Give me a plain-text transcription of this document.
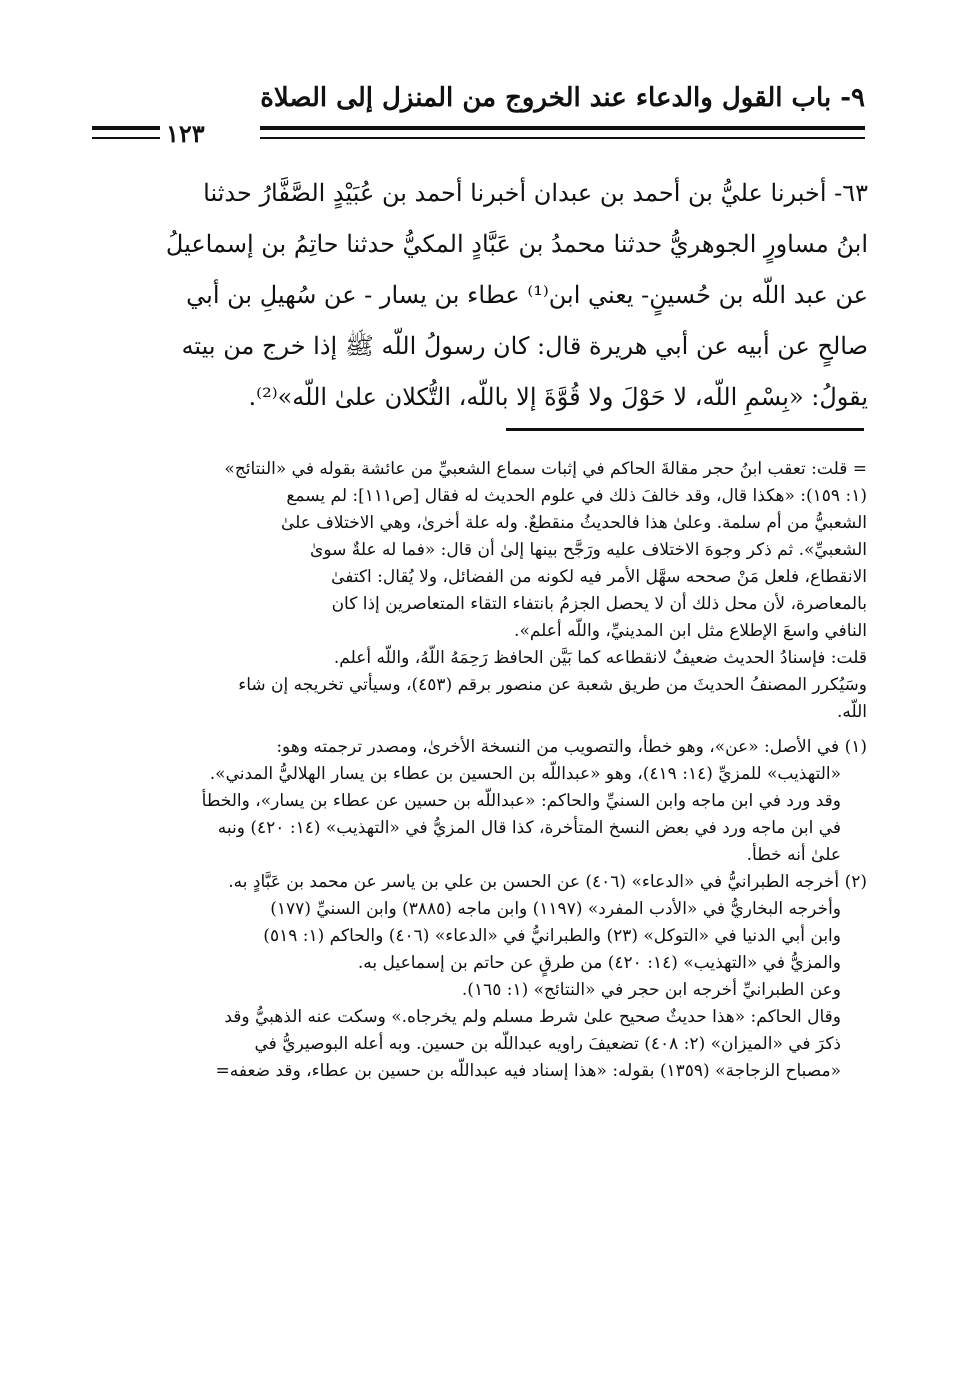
٩- باب القول والدعاء عند الخروج من المنزل إلى الصلاة
١٢٣

٦٣- أخبرنا عليُّ بن أحمد بن عبدان أخبرنا أحمد بن عُبَيْدٍ الصَّفَّارُ حدثنا

ابنُ مساورٍ الجوهريُّ حدثنا محمدُ بن عَبَّادٍ المكيُّ حدثنا حاتِمُ بن إسماعيلُ

عن عبد اللّه بن حُسينٍ- يعني ابن⁽¹⁾ عطاء بن يسار - عن سُهيلِ بن أبي

صالحٍ عن أبيه عن أبي هريرة قال: كان رسولُ اللّه ﷺ إذا خرج من بيته

يقولُ: «بِسْمِ اللّه، لا حَوْلَ ولا قُوَّةَ إلا باللّه، التُّكلان علىٰ اللّه»⁽²⁾.

= قلت: تعقب ابنُ حجر مقالةَ الحاكم في إثبات سماع الشعبيِّ من عائشة بقوله في «النتائج»

(١: ١٥٩): «هكذا قال، وقد خالفَ ذلك في علوم الحديث له فقال [ص١١١]: لم يسمع

الشعبيُّ من أم سلمة. وعلىٰ هذا فالحديثُ منقطعٌ. وله علة أخرىٰ، وهي الاختلاف علىٰ

الشعبيِّ». ثم ذكر وجوهَ الاختلاف عليه ورَجَّح بينها إلىٰ أن قال: «فما له علةٌ سوىٰ

الانقطاع، فلعل مَنْ صححه سهَّل الأمر فيه لكونه من الفضائل، ولا يُقال: اكتفىٰ

بالمعاصرة، لأن محل ذلك أن لا يحصل الجزمُ بانتفاء التقاء المتعاصرين إذا كان

النافي واسعَ الإطلاع مثل ابن المدينيِّ، واللّه أعلم».

قلت: فإسنادُ الحديث ضعيفٌ لانقطاعه كما بَيَّن الحافظ رَحِمَهُ اللّهُ، واللّه أعلم.

وسَيُكرر المصنفُ الحديثَ من طريق شعبة عن منصور برقم (٤٥٣)، وسيأتي تخريجه إن شاء

اللّه.

(١) في الأصل: «عن»، وهو خطأ، والتصويب من النسخة الأخرىٰ، ومصدر ترجمته وهو:

«التهذيب» للمزيِّ (١٤: ٤١٩)، وهو «عبداللّه بن الحسين بن عطاء بن يسار الهلاليُّ المدني».

وقد ورد في ابن ماجه وابن السنيِّ والحاكم: «عبداللّه بن حسين عن عطاء بن يسار»، والخطأ

في ابن ماجه ورد في بعض النسخ المتأخرة، كذا قال المزيُّ في «التهذيب» (١٤: ٤٢٠) ونبه

علىٰ أنه خطأ.

(٢) أخرجه الطبرانيُّ في «الدعاء» (٤٠٦) عن الحسن بن علي بن ياسر عن محمد بن عَبَّادٍ به.

وأخرجه البخاريُّ في «الأدب المفرد» (١١٩٧) وابن ماجه (٣٨٨٥) وابن السنيِّ (١٧٧)

وابن أبي الدنيا في «التوكل» (٢٣) والطبرانيُّ في «الدعاء» (٤٠٦) والحاكم (١: ٥١٩)

والمزيُّ في «التهذيب» (١٤: ٤٢٠) من طرقٍ عن حاتم بن إسماعيل به.

وعن الطبرانيِّ أخرجه ابن حجر في «النتائج» (١: ١٦٥).

وقال الحاكم: «هذا حديثٌ صحيح علىٰ شرط مسلم ولم يخرجاه.» وسكت عنه الذهبيُّ وقد

ذكرَ في «الميزان» (٢: ٤٠٨) تضعيفَ راويه عبداللّه بن حسين. وبه أعله البوصيريُّ في

«مصباح الزجاجة» (١٣٥٩) بقوله: «هذا إسناد فيه عبداللّه بن حسين بن عطاء، وقد ضعفه=
